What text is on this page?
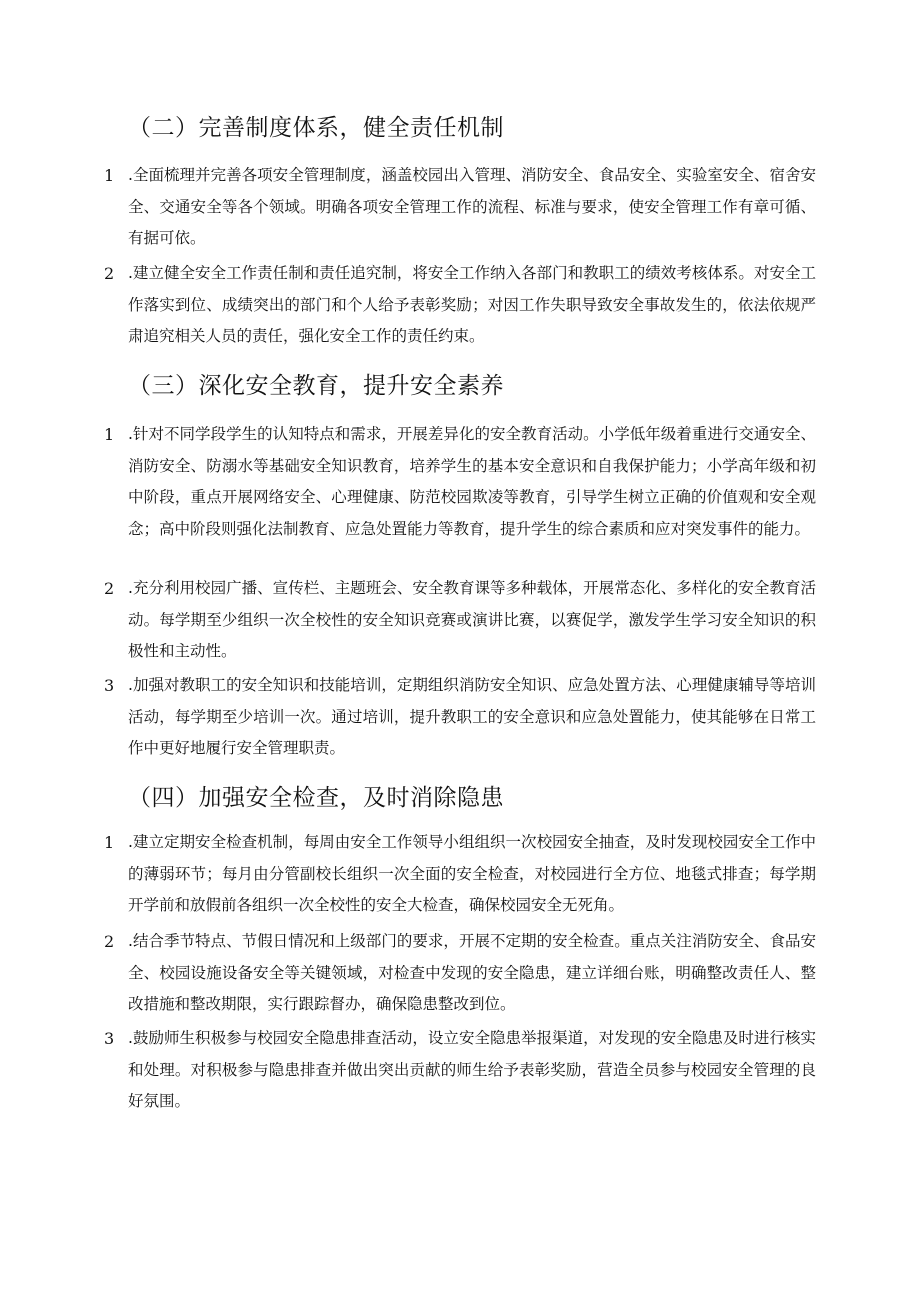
（二）完善制度体系，健全责任机制
1 .全面梳理并完善各项安全管理制度，涵盖校园出入管理、消防安全、食品安全、实验室安全、宿舍安全、交通安全等各个领域。明确各项安全管理工作的流程、标准与要求，使安全管理工作有章可循、有据可依。

2 .建立健全安全工作责任制和责任追究制，将安全工作纳入各部门和教职工的绩效考核体系。对安全工作落实到位、成绩突出的部门和个人给予表彰奖励；对因工作失职导致安全事故发生的，依法依规严肃追究相关人员的责任，强化安全工作的责任约束。

（三）深化安全教育，提升安全素养
1 .针对不同学段学生的认知特点和需求，开展差异化的安全教育活动。小学低年级着重进行交通安全、消防安全、防溺水等基础安全知识教育，培养学生的基本安全意识和自我保护能力；小学高年级和初中阶段，重点开展网络安全、心理健康、防范校园欺凌等教育，引导学生树立正确的价值观和安全观念；高中阶段则强化法制教育、应急处置能力等教育，提升学生的综合素质和应对突发事件的能力。

2 .充分利用校园广播、宣传栏、主题班会、安全教育课等多种载体，开展常态化、多样化的安全教育活动。每学期至少组织一次全校性的安全知识竞赛或演讲比赛，以赛促学，激发学生学习安全知识的积极性和主动性。

3 .加强对教职工的安全知识和技能培训，定期组织消防安全知识、应急处置方法、心理健康辅导等培训活动，每学期至少培训一次。通过培训，提升教职工的安全意识和应急处置能力，使其能够在日常工作中更好地履行安全管理职责。

（四）加强安全检查，及时消除隐患
1 .建立定期安全检查机制，每周由安全工作领导小组组织一次校园安全抽查，及时发现校园安全工作中的薄弱环节；每月由分管副校长组织一次全面的安全检查，对校园进行全方位、地毯式排查；每学期开学前和放假前各组织一次全校性的安全大检查，确保校园安全无死角。

2 .结合季节特点、节假日情况和上级部门的要求，开展不定期的安全检查。重点关注消防安全、食品安全、校园设施设备安全等关键领域，对检查中发现的安全隐患，建立详细台账，明确整改责任人、整改措施和整改期限，实行跟踪督办，确保隐患整改到位。

3 .鼓励师生积极参与校园安全隐患排查活动，设立安全隐患举报渠道，对发现的安全隐患及时进行核实和处理。对积极参与隐患排查并做出突出贡献的师生给予表彰奖励，营造全员参与校园安全管理的良好氛围。
